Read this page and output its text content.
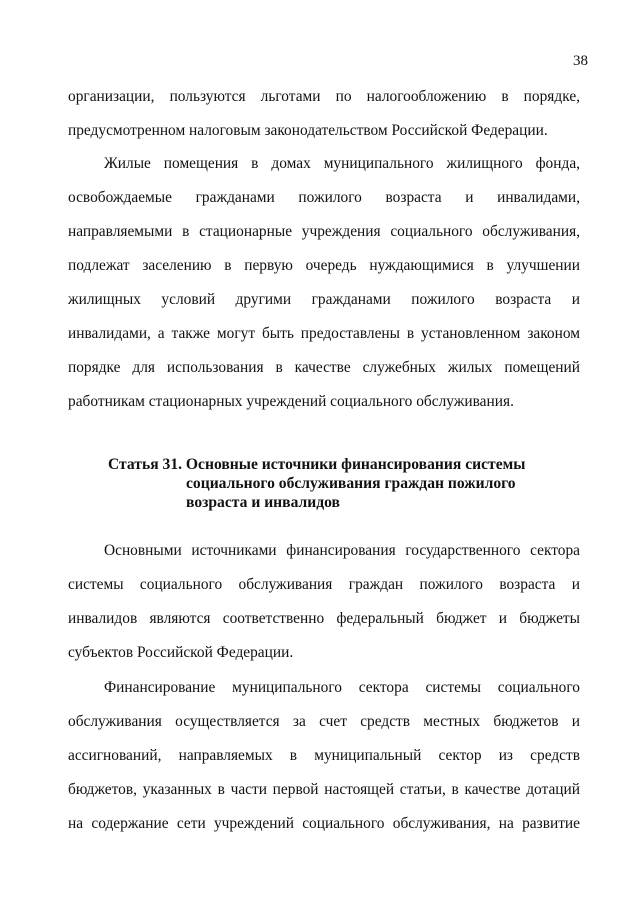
38
организации, пользуются льготами по налогообложению в порядке,
предусмотренном налоговым законодательством Российской Федерации.
Жилые помещения в домах муниципального жилищного фонда,
освобождаемые гражданами пожилого возраста и инвалидами,
направляемыми в стационарные учреждения социального обслуживания,
подлежат заселению в первую очередь нуждающимися в улучшении
жилищных условий другими гражданами пожилого возраста и
инвалидами, а также могут быть предоставлены в установленном законом
порядке для использования в качестве служебных жилых помещений
работникам стационарных учреждений социального обслуживания.
Статья 31. Основные источники финансирования системы
социального обслуживания граждан пожилого
возраста и инвалидов
Основными источниками финансирования государственного сектора
системы социального обслуживания граждан пожилого возраста и
инвалидов являются соответственно федеральный бюджет и бюджеты
субъектов Российской Федерации.
Финансирование муниципального сектора системы социального
обслуживания осуществляется за счет средств местных бюджетов и
ассигнований, направляемых в муниципальный сектор из средств
бюджетов, указанных в части первой настоящей статьи, в качестве дотаций
на содержание сети учреждений социального обслуживания, на развитие
